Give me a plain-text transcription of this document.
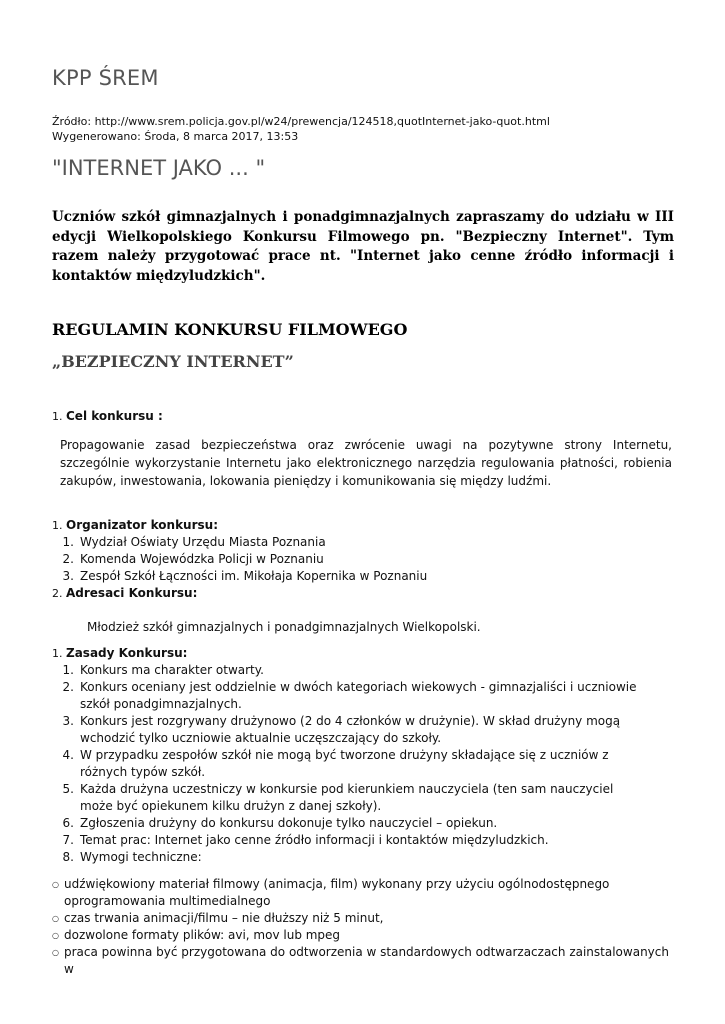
KPP ŚREM
Źródło: http://www.srem.policja.gov.pl/w24/prewencja/124518,quotInternet-jako-quot.html
Wygenerowano: Środa, 8 marca 2017, 13:53
"INTERNET JAKO ... "
Uczniów szkół gimnazjalnych i ponadgimnazjalnych zapraszamy do udziału w III edycji Wielkopolskiego Konkursu Filmowego pn. "Bezpieczny Internet". Tym razem należy przygotować prace nt. "Internet jako cenne źródło informacji i kontaktów międzyludzkich".
REGULAMIN KONKURSU FILMOWEGO
„BEZPIECZNY INTERNET”
1. Cel konkursu :
Propagowanie zasad bezpieczeństwa oraz zwrócenie uwagi na pozytywne strony Internetu, szczególnie wykorzystanie Internetu jako elektronicznego narzędzia regulowania płatności, robienia zakupów, inwestowania, lokowania pieniędzy i komunikowania się między ludźmi.
1. Organizator konkursu:
1. Wydział Oświaty Urzędu Miasta Poznania
2. Komenda Wojewódzka Policji w Poznaniu
3. Zespół Szkół Łączności im. Mikołaja Kopernika w Poznaniu
2. Adresaci Konkursu:
Młodzież szkół gimnazjalnych i ponadgimnazjalnych Wielkopolski.
1. Zasady Konkursu:
1. Konkurs ma charakter otwarty.
2. Konkurs oceniany jest oddzielnie w dwóch kategoriach wiekowych - gimnazjaliści i uczniowie szkół ponadgimnazjalnych.
3. Konkurs jest rozgrywany drużynowo (2 do 4 członków w drużynie). W skład drużyny mogą wchodzić tylko uczniowie aktualnie uczęszczający do szkoły.
4. W przypadku zespołów szkół nie mogą być tworzone drużyny składające się z uczniów z różnych typów szkół.
5. Każda drużyna uczestniczy w konkursie pod kierunkiem nauczyciela (ten sam nauczyciel może być opiekunem kilku drużyn z danej szkoły).
6. Zgłoszenia drużyny do konkursu dokonuje tylko nauczyciel – opiekun.
7. Temat prac: Internet jako cenne źródło informacji i kontaktów międzyludzkich.
8. Wymogi techniczne:
○ udźwiękowiony materiał filmowy (animacja, film) wykonany przy użyciu ogólnodostępnego oprogramowania multimedialnego
○ czas trwania animacji/filmu – nie dłuższy niż 5 minut,
○ dozwolone formaty plików: avi, mov lub mpeg
○ praca powinna być przygotowana do odtworzenia w standardowych odtwarzaczach zainstalowanych w
